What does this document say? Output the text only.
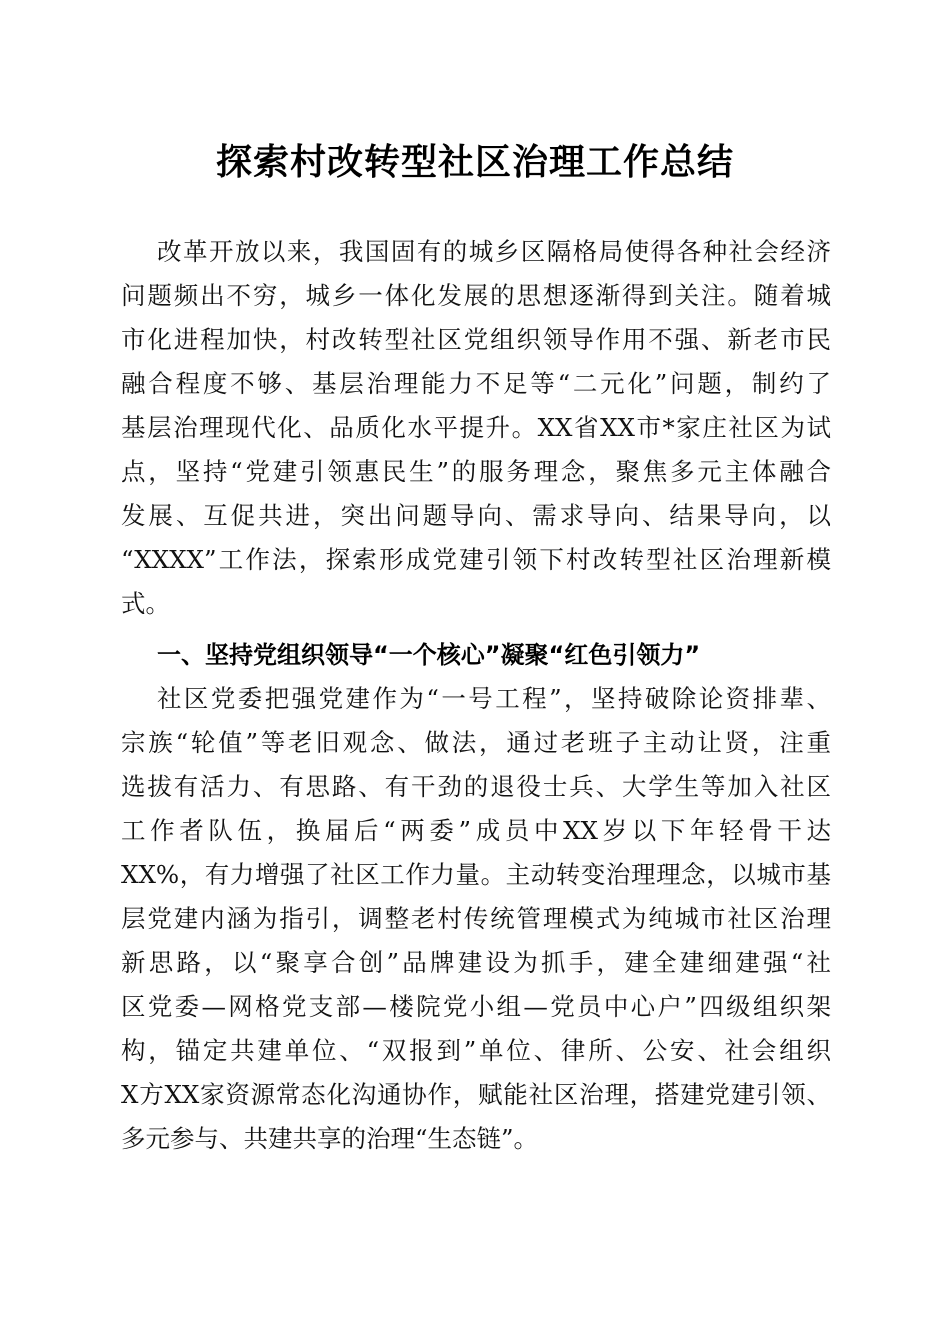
探索村改转型社区治理工作总结
改革开放以来，我国固有的城乡区隔格局使得各种社会经济
问题频出不穷，城乡一体化发展的思想逐渐得到关注。随着城
市化进程加快，村改转型社区党组织领导作用不强、新老市民
融合程度不够、基层治理能力不足等“二元化”问题，制约了
基层治理现代化、品质化水平提升。XX省XX市*家庄社区为试
点，坚持“党建引领惠民生”的服务理念，聚焦多元主体融合
发展、互促共进，突出问题导向、需求导向、结果导向，以
“XXXX”工作法，探索形成党建引领下村改转型社区治理新模
式。
一、坚持党组织领导“一个核心”凝聚“红色引领力”
社区党委把强党建作为“一号工程”，坚持破除论资排辈、
宗族“轮值”等老旧观念、做法，通过老班子主动让贤，注重
选拔有活力、有思路、有干劲的退役士兵、大学生等加入社区
工作者队伍，换届后“两委”成员中XX岁以下年轻骨干达
XX%，有力增强了社区工作力量。主动转变治理理念，以城市基
层党建内涵为指引，调整老村传统管理模式为纯城市社区治理
新思路，以“聚享合创”品牌建设为抓手，建全建细建强“社
区党委—网格党支部—楼院党小组—党员中心户”四级组织架
构，锚定共建单位、“双报到”单位、律所、公安、社会组织
X方XX家资源常态化沟通协作，赋能社区治理，搭建党建引领、
多元参与、共建共享的治理“生态链”。
